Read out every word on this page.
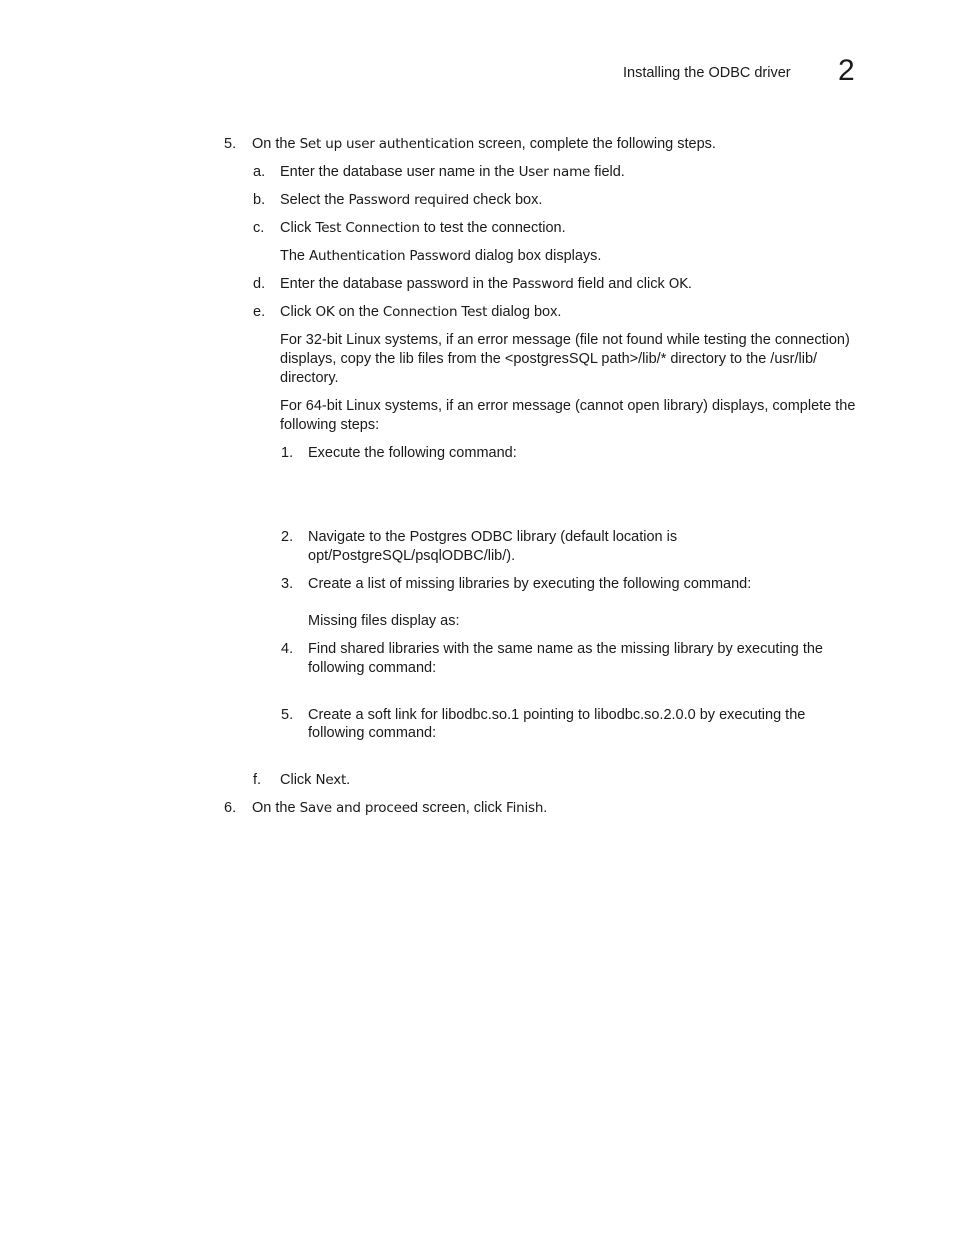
Installing the ODBC driver 2
5. On the Set up user authentication screen, complete the following steps.
a. Enter the database user name in the User name field.
b. Select the Password required check box.
c. Click Test Connection to test the connection.
The Authentication Password dialog box displays.
d. Enter the database password in the Password field and click OK.
e. Click OK on the Connection Test dialog box.
For 32-bit Linux systems, if an error message (file not found while testing the connection)
displays, copy the lib files from the <postgresSQL path>/lib/* directory to the /usr/lib/
directory.
For 64-bit Linux systems, if an error message (cannot open library) displays, complete the
following steps:
1. Execute the following command:
2. Navigate to the Postgres ODBC library (default location is
opt/PostgreSQL/psqlODBC/lib/).
3. Create a list of missing libraries by executing the following command:
Missing files display as:
4. Find shared libraries with the same name as the missing library by executing the
following command:
5. Create a soft link for libodbc.so.1 pointing to libodbc.so.2.0.0 by executing the
following command:
f. Click Next.
6. On the Save and proceed screen, click Finish.
